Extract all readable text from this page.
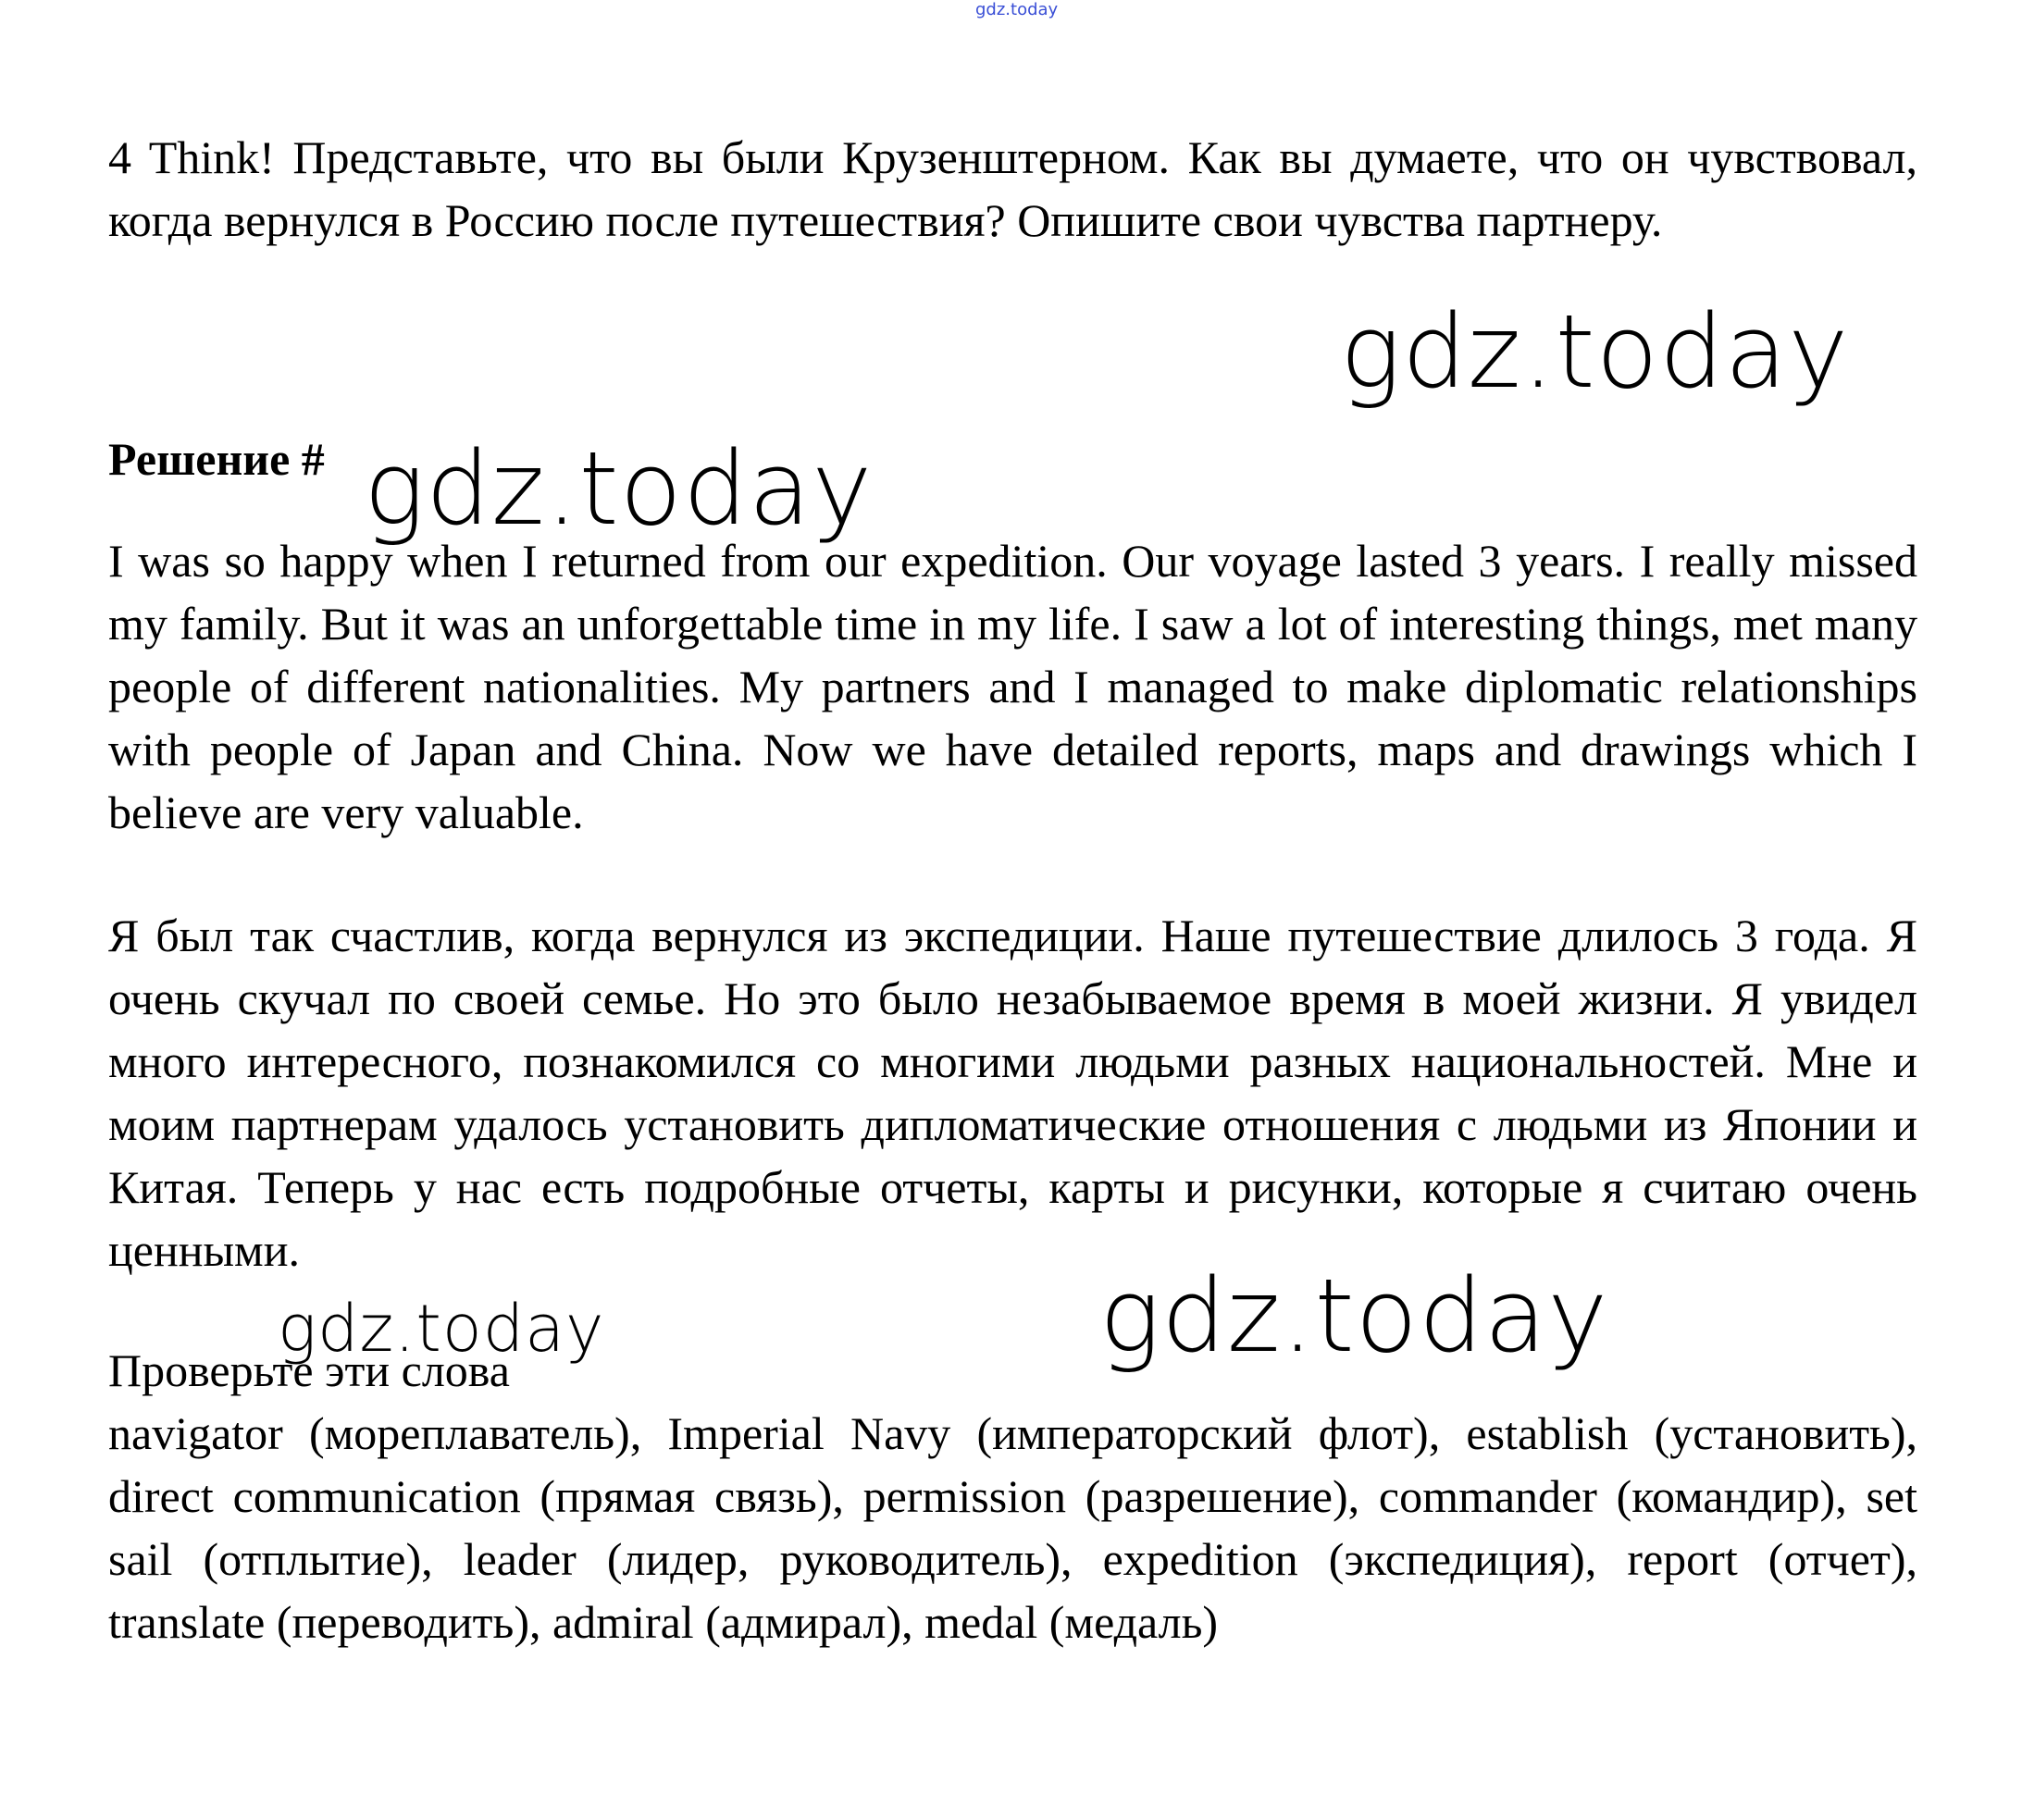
gdz.today

4 Think! Представьте, что вы были Крузенштерном. Как вы думаете, что он чувствовал, когда вернулся в Россию после путешествия? Опишите свои чувства партнеру.

gdz.today

Решение # gdz.today

I was so happy when I returned from our expedition. Our voyage lasted 3 years. I really missed my family. But it was an unforgettable time in my life. I saw a lot of interesting things, met many people of different nationalities. My partners and I managed to make diplomatic relationships with people of Japan and China. Now we have detailed reports, maps and drawings which I believe are very valuable.

Я был так счастлив, когда вернулся из экспедиции. Наше путешествие длилось 3 года. Я очень скучал по своей семье. Но это было незабываемое время в моей жизни. Я увидел много интересного, познакомился со многими людьми разных национальностей. Мне и моим партнерам удалось установить дипломатические отношения с людьми из Японии и Китая. Теперь у нас есть подробные отчеты, карты и рисунки, которые я считаю очень ценными.

gdz.today	gdz.today

Проверьте эти слова

navigator (мореплаватель), Imperial Navy (императорский флот), establish (установить), direct communication (прямая связь), permission (разрешение), commander (командир), set sail (отплытие), leader (лидер, руководитель), expedition (экспедиция), report (отчет), translate (переводить), admiral (адмирал), medal (медаль)
